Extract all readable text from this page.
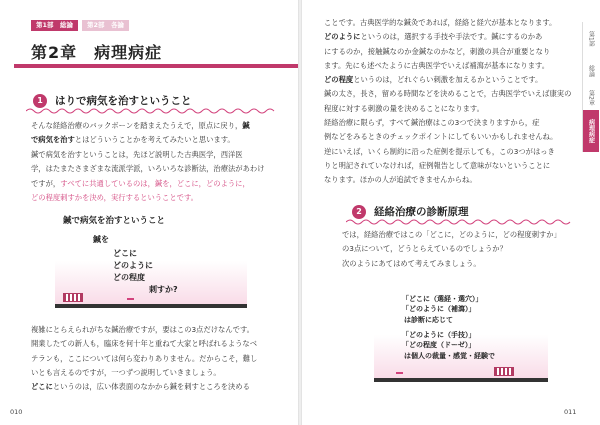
第1部　総論	第2部　各論
第2章　病理病症
1	はりで病気を治すということ
そんな経絡治療のバックボーンを踏まえたうえで，原点に戻り，鍼
で病気を治すとはどういうことかを考えてみたいと思います。
鍼で病気を治すということは，先ほど説明した古典医学，西洋医
学，はたまたさまざまな流派学派，いろいろな診断法，治療法があわけ
ですが，すべてに共通しているのは，鍼を，どこに，どのように，
どの程度刺すかを決め，実行するということです。
鍼で病気を治すということ
鍼を
どこに
どのように
どの程度
刺すか?
複雑にとらえられがちな鍼治療ですが，要はこの3点だけなんです。
開業したての新人も，臨床を何十年と重ねて大家と呼ばれるようなベ
テランも，ここについては何ら変わりありません。だからこそ，難し
いとも言えるのですが，一つずつ説明していきましょう。
どこにというのは，広い体表面のなかから鍼を刺すところを決める
010
ことです。古典医学的な鍼灸であれば，経絡と経穴が基本となります。
どのようにというのは，選択する手技や手法です。鍼にするのかあ
にするのか，接触鍼なのか金鍼なのかなど，刺激の具合が重要となり
ます。先にも述べたように古典医学でいえば補瀉が基本になります。
どの程度というのは，どれぐらい刺激を加えるかということです。
鍼の太さ，長さ，留める時間などを決めることで，古典医学でいえば康実の
程度に対する刺激の量を決めることになります。
経絡治療に限らず，すべて鍼治療はこの3つで決まりますから，症
例などをみるときのチェックポイントにしてもいいかもしれませんね。
逆にいえば，いくら制約に沿った症例を提示しても，この3つがはっき
りと明記されていなければ，症例報告として意味がないということに
なります。ほかの人が追試できませんからね。
2	経絡治療の診断原理
では，経絡治療ではこの「どこに，どのように，どの程度刺すか」
の3点について，どうとらえているのでしょうか？
次のようにあてはめて考えてみましょう。
「どこに（選経・選穴）」
「どのように（補瀉）」
は診断に応じて
「どのように（手技）」
「どの程度（ドーゼ）」
は個人の裁量・感覚・経験で
011
第1部
総論
第2章
病理病症
